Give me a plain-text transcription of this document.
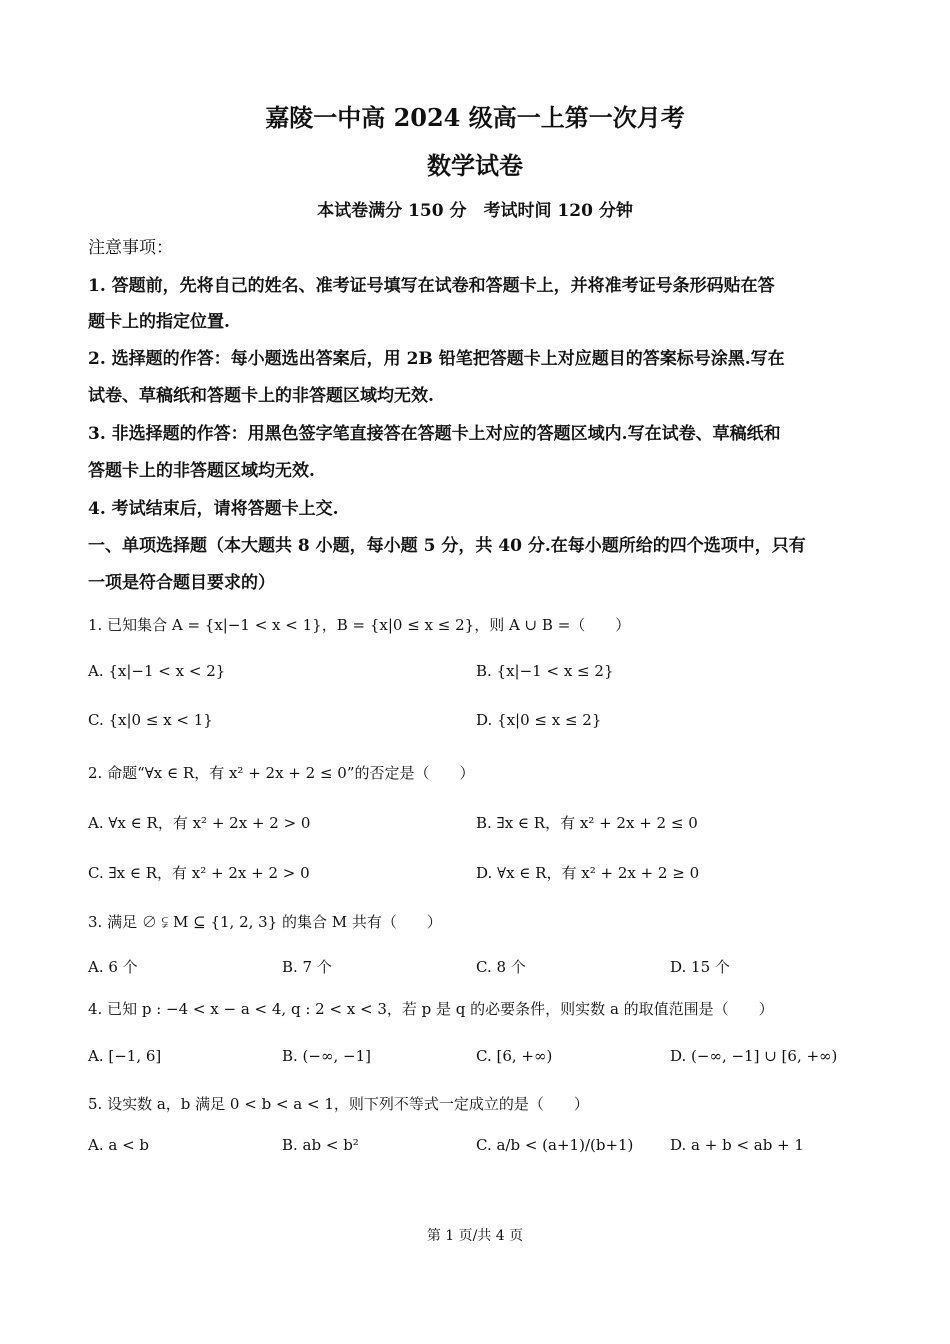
嘉陵一中高 2024 级高一上第一次月考
数学试卷
本试卷满分 150 分　考试时间 120 分钟
注意事项：
1. 答题前，先将自己的姓名、准考证号填写在试卷和答题卡上，并将准考证号条形码贴在答
题卡上的指定位置.
2. 选择题的作答：每小题选出答案后，用 2B 铅笔把答题卡上对应题目的答案标号涂黑.写在
试卷、草稿纸和答题卡上的非答题区域均无效.
3. 非选择题的作答：用黑色签字笔直接答在答题卡上对应的答题区域内.写在试卷、草稿纸和
答题卡上的非答题区域均无效.
4. 考试结束后，请将答题卡上交.
一、单项选择题（本大题共 8 小题，每小题 5 分，共 40 分.在每小题所给的四个选项中，只有
一项是符合题目要求的）
1. 已知集合 A = {x|−1 < x < 1}，B = {x|0 ≤ x ≤ 2}，则 A ∪ B =（　　）
A. {x|−1 < x < 2}	B. {x|−1 < x ≤ 2}
C. {x|0 ≤ x < 1}	D. {x|0 ≤ x ≤ 2}
2. 命题“∀x ∈ R，有 x² + 2x + 2 ≤ 0”的否定是（　　）
A. ∀x ∈ R，有 x² + 2x + 2 > 0	B. ∃x ∈ R，有 x² + 2x + 2 ≤ 0
C. ∃x ∈ R，有 x² + 2x + 2 > 0	D. ∀x ∈ R，有 x² + 2x + 2 ≥ 0
3. 满足 ∅ ⫋ M ⊆ {1, 2, 3} 的集合 M 共有（　　）
A. 6 个	B. 7 个	C. 8 个	D. 15 个
4. 已知 p : −4 < x − a < 4, q : 2 < x < 3，若 p 是 q 的必要条件，则实数 a 的取值范围是（　　）
A. [−1, 6]	B. (−∞, −1]	C. [6, +∞)	D. (−∞, −1] ∪ [6, +∞)
5. 设实数 a，b 满足 0 < b < a < 1，则下列不等式一定成立的是（　　）
A. a < b	B. ab < b²	C. a/b < (a+1)/(b+1) D. a + b < ab + 1
第 1 页/共 4 页
